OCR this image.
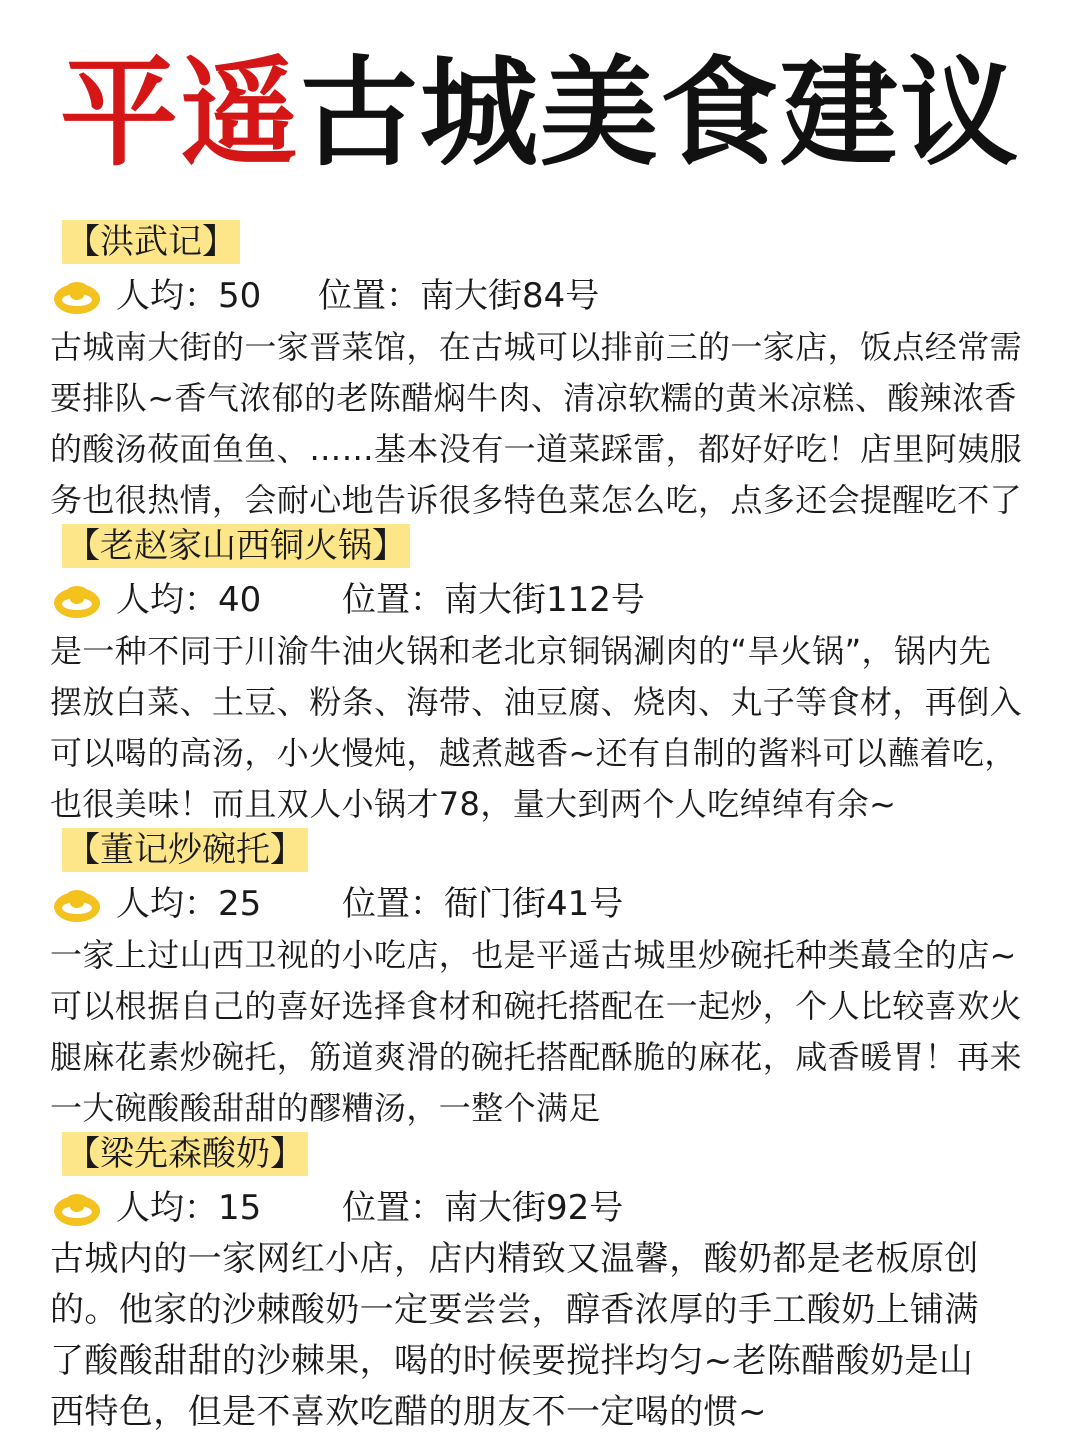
平遥古城美食建议
【洪武记】
人均：50 位置：南大街84号
古城南大街的一家晋菜馆，在古城可以排前三的一家店，饭点经常需
要排队~香气浓郁的老陈醋焖牛肉、清凉软糯的黄米凉糕、酸辣浓香
的酸汤莜面鱼鱼、……基本没有一道菜踩雷，都好好吃！店里阿姨服
务也很热情，会耐心地告诉很多特色菜怎么吃，点多还会提醒吃不了
【老赵家山西铜火锅】
人均：40 位置：南大街112号
是一种不同于川渝牛油火锅和老北京铜锅涮肉的“旱火锅”，锅内先
摆放白菜、土豆、粉条、海带、油豆腐、烧肉、丸子等食材，再倒入
可以喝的高汤，小火慢炖，越煮越香~还有自制的酱料可以蘸着吃，
也很美味！而且双人小锅才78，量大到两个人吃绰绰有余~
【董记炒碗托】
人均：25 位置：衙门街41号
一家上过山西卫视的小吃店，也是平遥古城里炒碗托种类蕞全的店~
可以根据自己的喜好选择食材和碗托搭配在一起炒，个人比较喜欢火
腿麻花素炒碗托，筋道爽滑的碗托搭配酥脆的麻花，咸香暖胃！再来
一大碗酸酸甜甜的醪糟汤，一整个满足
【梁先森酸奶】
人均：15 位置：南大街92号
古城内的一家网红小店，店内精致又温馨，酸奶都是老板原创
的。他家的沙棘酸奶一定要尝尝，醇香浓厚的手工酸奶上铺满
了酸酸甜甜的沙棘果，喝的时候要搅拌均匀~老陈醋酸奶是山
西特色，但是不喜欢吃醋的朋友不一定喝的惯~
